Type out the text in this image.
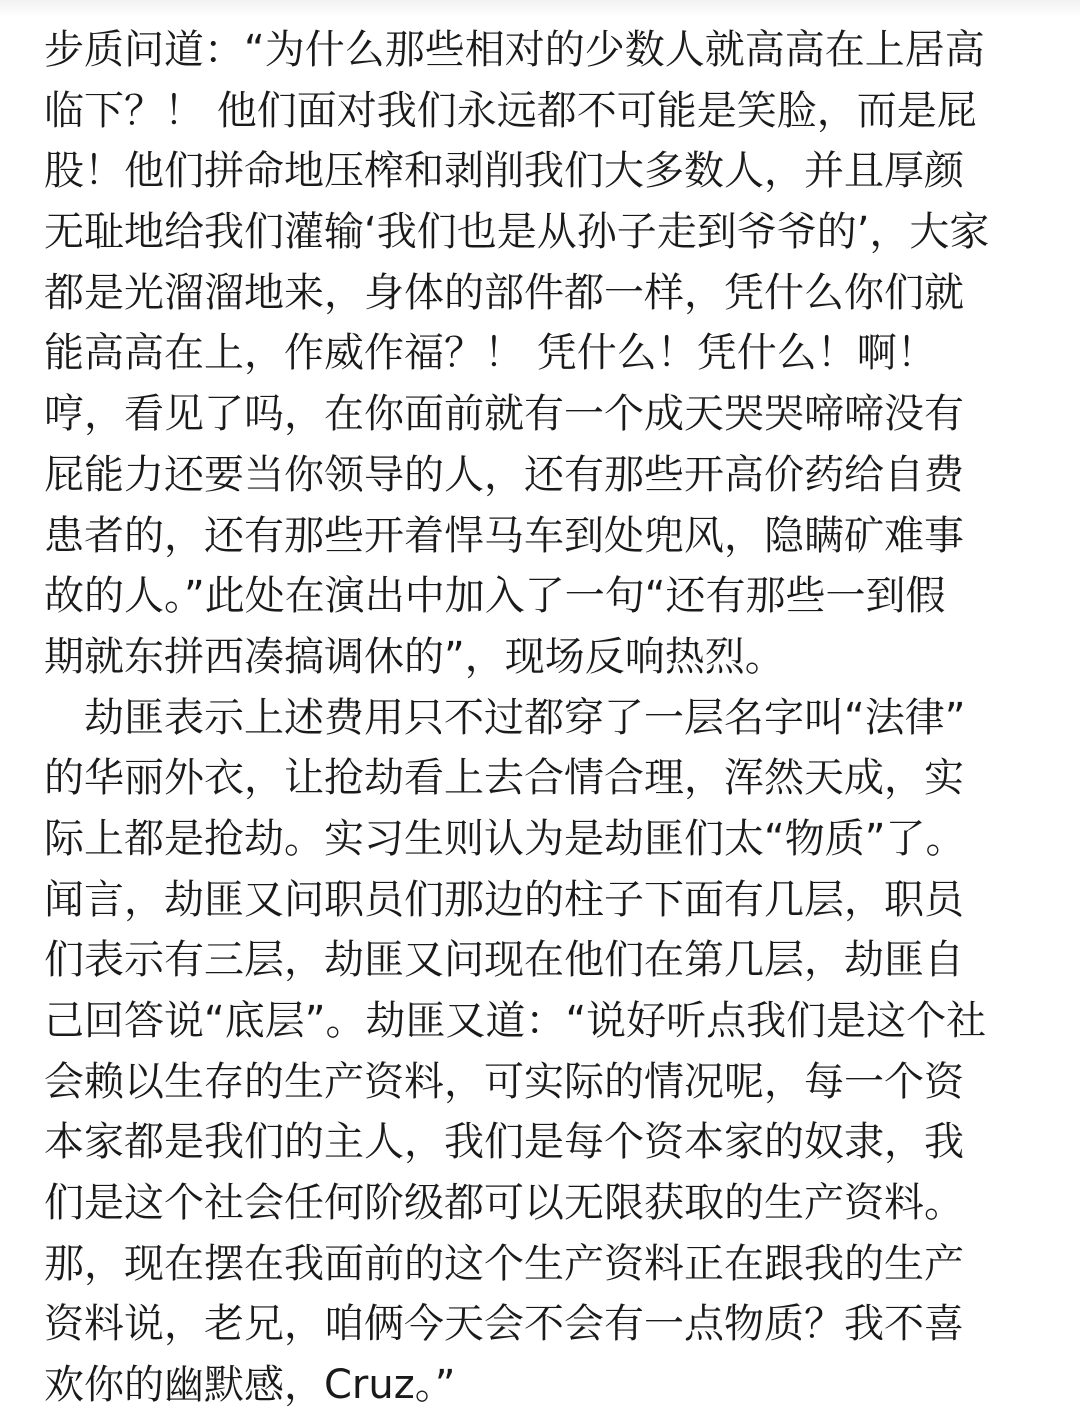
步质问道：“为什么那些相对的少数人就高高在上居高
临下？！ 他们面对我们永远都不可能是笑脸，而是屁
股！他们拼命地压榨和剥削我们大多数人，并且厚颜
无耻地给我们灌输‘我们也是从孙子走到爷爷的’，大家
都是光溜溜地来，身体的部件都一样，凭什么你们就
能高高在上，作威作福？！ 凭什么！凭什么！啊！
哼，看见了吗，在你面前就有一个成天哭哭啼啼没有
屁能力还要当你领导的人，还有那些开高价药给自费
患者的，还有那些开着悍马车到处兜风，隐瞒矿难事
故的人。”此处在演出中加入了一句“还有那些一到假
期就东拼西凑搞调休的”，现场反响热烈。
　劫匪表示上述费用只不过都穿了一层名字叫“法律”
的华丽外衣，让抢劫看上去合情合理，浑然天成，实
际上都是抢劫。实习生则认为是劫匪们太“物质”了。
闻言，劫匪又问职员们那边的柱子下面有几层，职员
们表示有三层，劫匪又问现在他们在第几层，劫匪自
己回答说“底层”。劫匪又道：“说好听点我们是这个社
会赖以生存的生产资料，可实际的情况呢，每一个资
本家都是我们的主人，我们是每个资本家的奴隶，我
们是这个社会任何阶级都可以无限获取的生产资料。
那，现在摆在我面前的这个生产资料正在跟我的生产
资料说，老兄，咱俩今天会不会有一点物质？我不喜
欢你的幽默感，Cruz。”
